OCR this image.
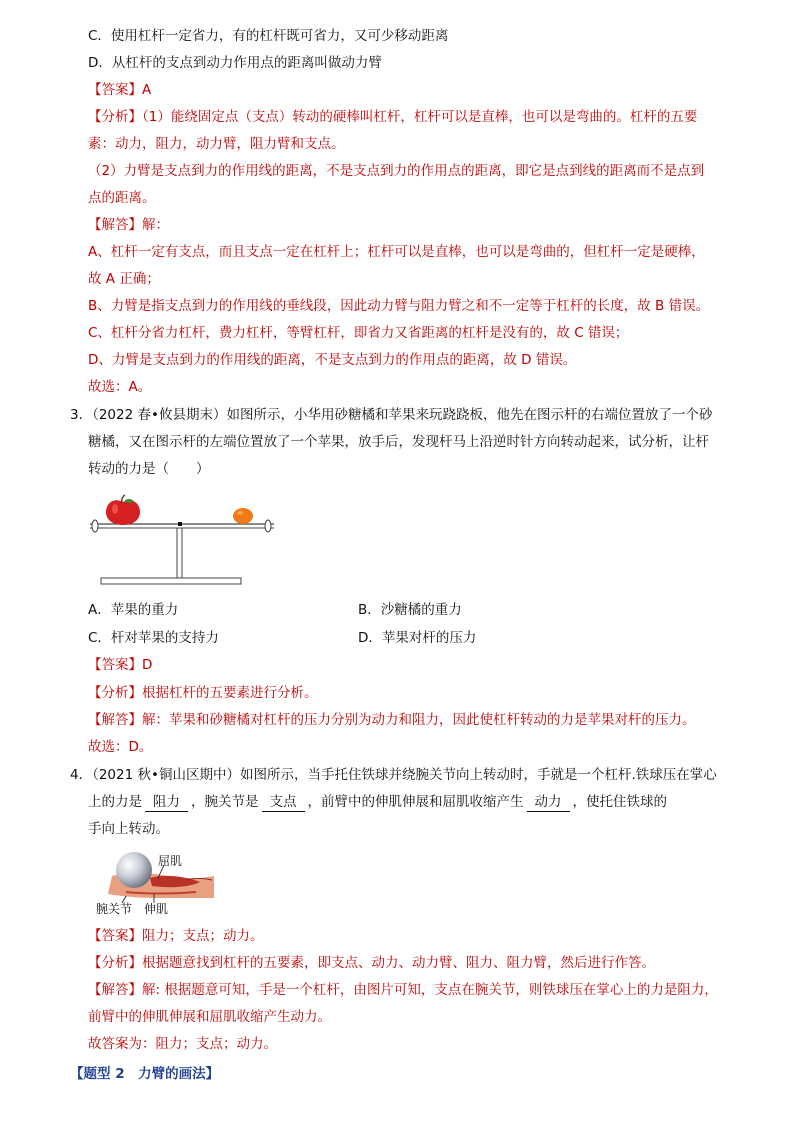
C．使用杠杆一定省力，有的杠杆既可省力，又可少移动距离
D．从杠杆的支点到动力作用点的距离叫做动力臂
【答案】A
【分析】（1）能绕固定点（支点）转动的硬棒叫杠杆，杠杆可以是直棒，也可以是弯曲的。杠杆的五要
素：动力，阻力，动力臂，阻力臂和支点。
（2）力臂是支点到力的作用线的距离，不是支点到力的作用点的距离，即它是点到线的距离而不是点到
点的距离。
【解答】解：
A、杠杆一定有支点，而且支点一定在杠杆上；杠杆可以是直棒，也可以是弯曲的，但杠杆一定是硬棒，
故 A 正确；
B、力臂是指支点到力的作用线的垂线段，因此动力臂与阻力臂之和不一定等于杠杆的长度，故 B 错误。
C、杠杆分省力杠杆，费力杠杆，等臂杠杆，即省力又省距离的杠杆是没有的，故 C 错误；
D、力臂是支点到力的作用线的距离，不是支点到力的作用点的距离，故 D 错误。
故选：A。
3．（2022 春•攸县期末）如图所示，小华用砂糖橘和苹果来玩跷跷板，他先在图示杆的右端位置放了一个砂
糖橘，又在图示杆的左端位置放了一个苹果，放手后，发现杆马上沿逆时针方向转动起来，试分析，让杆
转动的力是（　　）
A．苹果的重力	B．沙糖橘的重力
C．杆对苹果的支持力	D．苹果对杆的压力
【答案】D
【分析】根据杠杆的五要素进行分析。
【解答】解：苹果和砂糖橘对杠杆的压力分别为动力和阻力，因此使杠杆转动的力是苹果对杆的压力。
故选：D。
4．（2021 秋•铜山区期中）如图所示，当手托住铁球并绕腕关节向上转动时，手就是一个杠杆.铁球压在掌心
上的力是 阻力 ，腕关节是 支点 ，前臂中的伸肌伸展和屈肌收缩产生 动力 ，使托住铁球的
手向上转动。
屈肌
腕关节 伸肌
【答案】阻力；支点；动力。
【分析】根据题意找到杠杆的五要素，即支点、动力、动力臂、阻力、阻力臂，然后进行作答。
【解答】解: 根据题意可知，手是一个杠杆，由图片可知，支点在腕关节，则铁球压在掌心上的力是阻力，
前臂中的伸肌伸展和屈肌收缩产生动力。
故答案为：阻力；支点；动力。
【题型 2　力臂的画法】
